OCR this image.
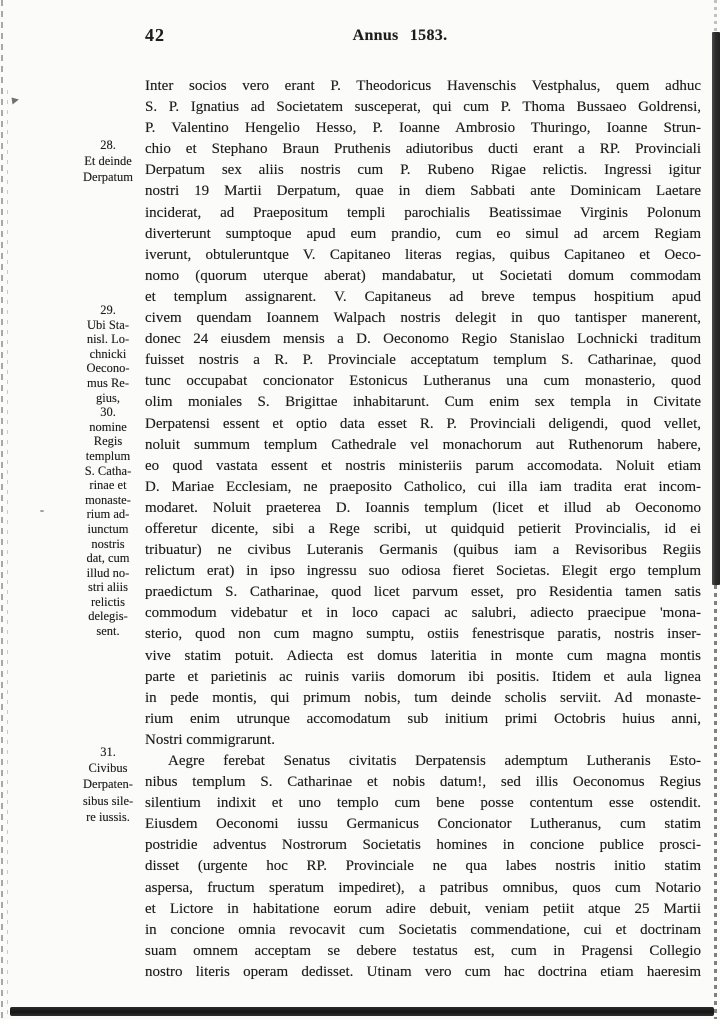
42	Annus 1583.
28.
Et deinde
Derpatum
29.
Ubi Sta-
nisl. Lo-
chnicki
Oecono-
mus Re-
gius,
30.
nomine
Regis
templum
S. Catha-
rinae et
monaste-
rium ad-
iunctum
nostris
dat, cum
illud no-
stri aliis
relictis
delegis-
sent.
31.
Civibus
Derpaten-
sibus sile-
re iussis.
Inter socios vero erant P. Theodoricus Havenschis Vestphalus, quem adhuc
S. P. Ignatius ad Societatem susceperat, qui cum P. Thoma Bussaeo Goldrensi,
P. Valentino Hengelio Hesso, P. Ioanne Ambrosio Thuringo, Ioanne Strun-
chio et Stephano Braun Pruthenis adiutoribus ducti erant a RP. Provinciali
Derpatum sex aliis nostris cum P. Rubeno Rigae relictis. Ingressi igitur
nostri 19 Martii Derpatum, quae in diem Sabbati ante Dominicam Laetare
inciderat, ad Praepositum templi parochialis Beatissimae Virginis Polonum
diverterunt sumptoque apud eum prandio, cum eo simul ad arcem Regiam
iverunt, obtuleruntque V. Capitaneo literas regias, quibus Capitaneo et Oeco-
nomo (quorum uterque aberat) mandabatur, ut Societati domum commodam
et templum assignarent. V. Capitaneus ad breve tempus hospitium apud
civem quendam Ioannem Walpach nostris delegit in quo tantisper manerent,
donec 24 eiusdem mensis a D. Oeconomo Regio Stanislao Lochnicki traditum
fuisset nostris a R. P. Provinciale acceptatum templum S. Catharinae, quod
tunc occupabat concionator Estonicus Lutheranus una cum monasterio, quod
olim moniales S. Brigittae inhabitarunt. Cum enim sex templa in Civitate
Derpatensi essent et optio data esset R. P. Provinciali deligendi, quod vellet,
noluit summum templum Cathedrale vel monachorum aut Ruthenorum habere,
eo quod vastata essent et nostris ministeriis parum accomodata. Noluit etiam
D. Mariae Ecclesiam, ne praeposito Catholico, cui illa iam tradita erat incom-
modaret. Noluit praeterea D. Ioannis templum (licet et illud ab Oeconomo
offeretur dicente, sibi a Rege scribi, ut quidquid petierit Provincialis, id ei
tribuatur) ne civibus Luteranis Germanis (quibus iam a Revisoribus Regiis
relictum erat) in ipso ingressu suo odiosa fieret Societas. Elegit ergo templum
praedictum S. Catharinae, quod licet parvum esset, pro Residentia tamen satis
commodum videbatur et in loco capaci ac salubri, adiecto praecipue 'mona-
sterio, quod non cum magno sumptu, ostiis fenestrisque paratis, nostris inser-
vive statim potuit. Adiecta est domus lateritia in monte cum magna montis
parte et parietinis ac ruinis variis domorum ibi positis. Itidem et aula lignea
in pede montis, qui primum nobis, tum deinde scholis serviit. Ad monaste-
rium enim utrunque accomodatum sub initium primi Octobris huius anni,
Nostri commigrarunt.
Aegre ferebat Senatus civitatis Derpatensis ademptum Lutheranis Esto-
nibus templum S. Catharinae et nobis datum!, sed illis Oeconomus Regius
silentium indixit et uno templo cum bene posse contentum esse ostendit.
Eiusdem Oeconomi iussu Germanicus Concionator Lutheranus, cum statim
postridie adventus Nostrorum Societatis homines in concione publice prosci-
disset (urgente hoc RP. Provinciale ne qua labes nostris initio statim
aspersa, fructum speratum impediret), a patribus omnibus, quos cum Notario
et Lictore in habitatione eorum adire debuit, veniam petiit atque 25 Martii
in concione omnia revocavit cum Societatis commendatione, cui et doctrinam
suam omnem acceptam se debere testatus est, cum in Pragensi Collegio
nostro literis operam dedisset. Utinam vero cum hac doctrina etiam haeresim
